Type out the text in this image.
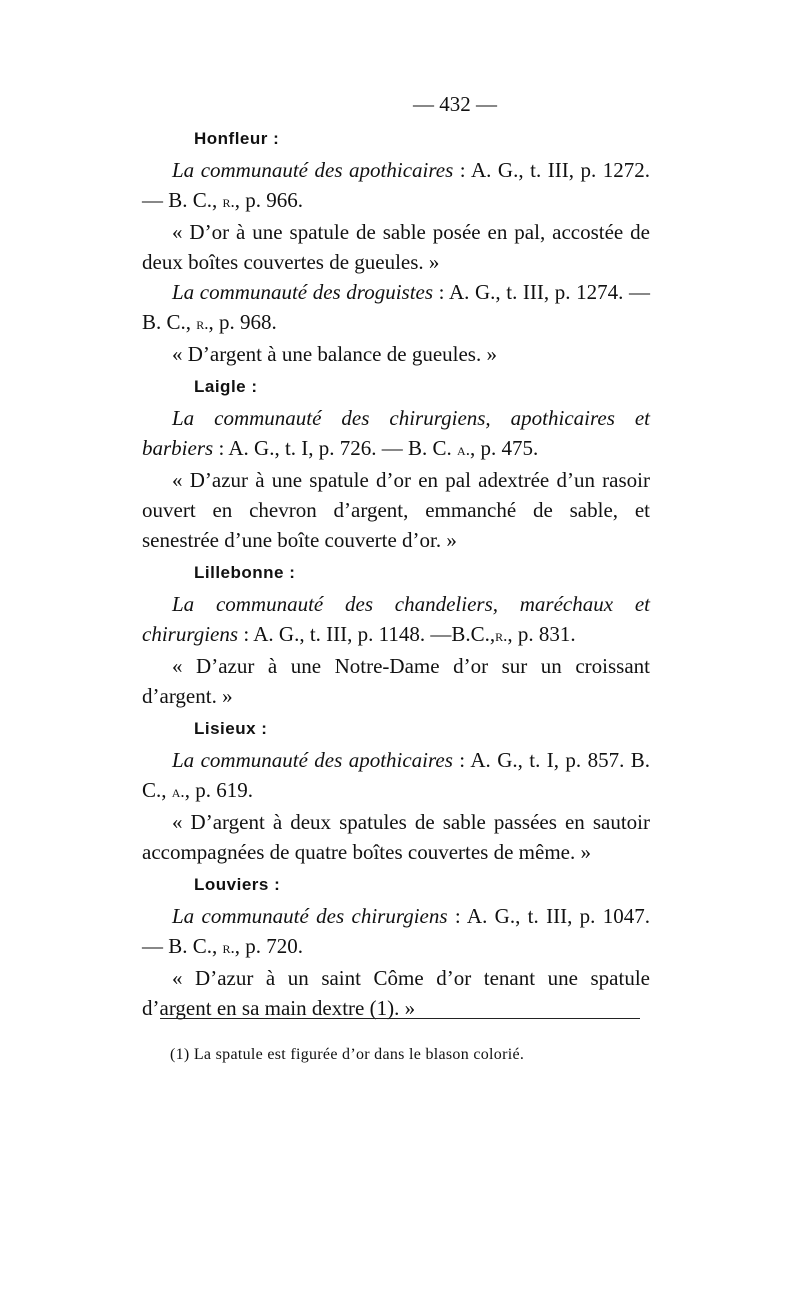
— 432 —
Honfleur :

La communauté des apothicaires : A. G., t. III, p. 1272. — B. C., r., p. 966.

« D’or à une spatule de sable posée en pal, accostée de deux boîtes couvertes de gueules. »

La communauté des droguistes : A. G., t. III, p. 1274. — B. C., r., p. 968.

« D’argent à une balance de gueules. »

Laigle :

La communauté des chirurgiens, apothicaires et barbiers : A. G., t. I, p. 726. — B. C. a., p. 475.

« D’azur à une spatule d’or en pal adextrée d’un rasoir ouvert en chevron d’argent, emmanché de sable, et senestrée d’une boîte couverte d’or. »

Lillebonne :

La communauté des chandeliers, maréchaux et chirurgiens : A. G., t. III, p. 1148. —B.C.,r., p. 831.

« D’azur à une Notre-Dame d’or sur un croissant d’argent. »

Lisieux :

La communauté des apothicaires : A. G., t. I, p. 857. B. C., a., p. 619.

« D’argent à deux spatules de sable passées en sautoir accompagnées de quatre boîtes couvertes de même. »

Louviers :

La communauté des chirurgiens : A. G., t. III, p. 1047. — B. C., r., p. 720.

« D’azur à un saint Côme d’or tenant une spatule d’argent en sa main dextre (1). »

(1) La spatule est figurée d’or dans le blason colorié.
